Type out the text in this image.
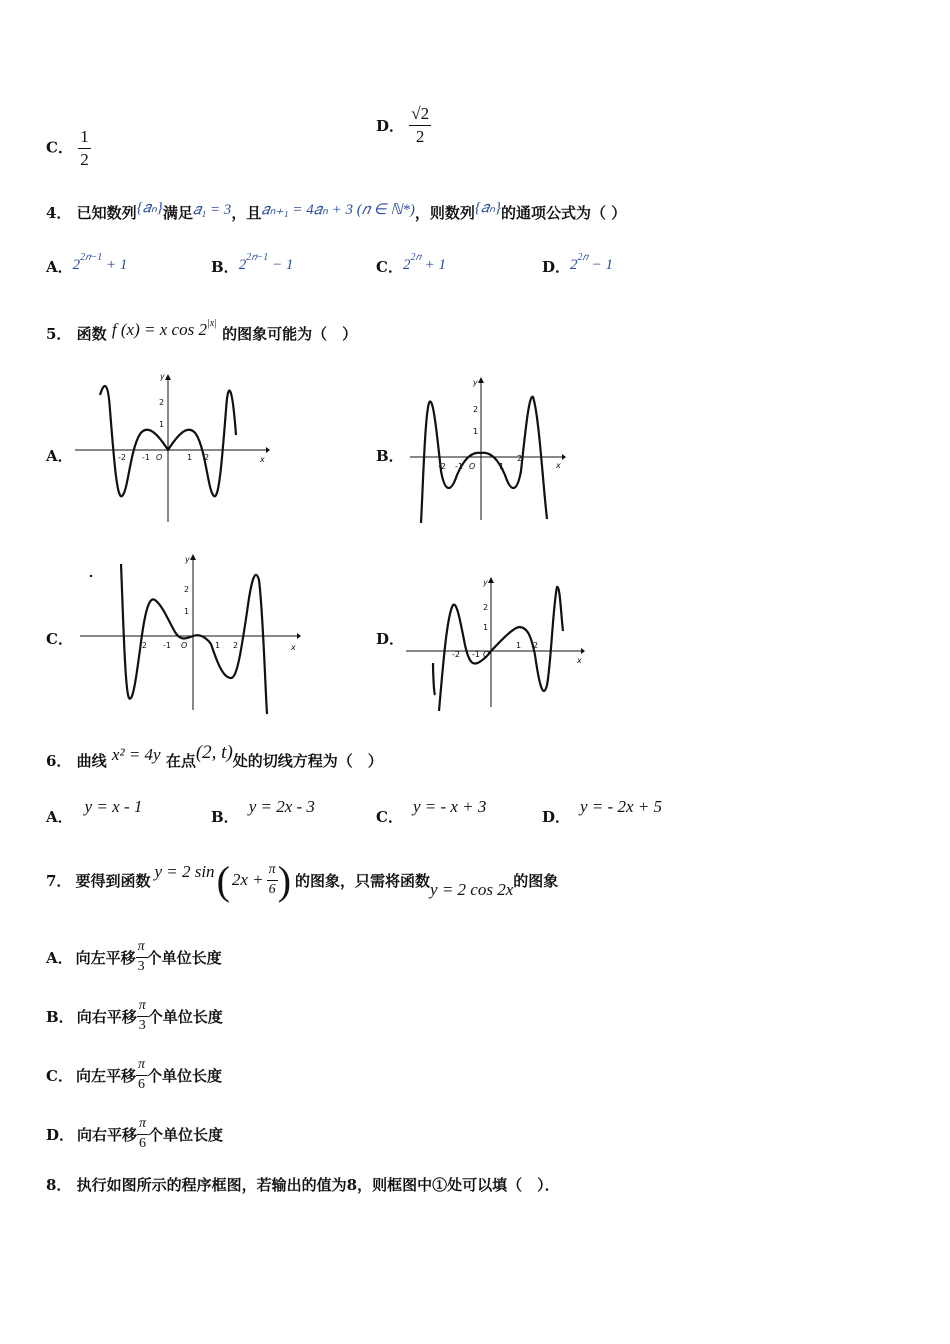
C． $\frac{1}{2}$
D． $\frac{√2}{2}$
4． 已知数列{𝑎ₙ}满足𝑎₁ = 3，且𝑎ₙ₊₁ = 4𝑎ₙ + 3 (𝑛 ∈ ℕ*)，则数列{𝑎ₙ}的通项公式为（ ）
A．$2^{2𝑛-1} + 1$	B．$2^{2𝑛-1} - 1$	C．$2^{2𝑛} + 1$	D．$2^{2𝑛} - 1$
5． 函数 f (x) = x $\cos 2^{|x|}$ 的图象可能为（　）
A．	B．
C．	D．
-2 -1 O	1 2	x
y
2
1
-2 -1 O	1
2
x
y
2
1
-2 -1 O	1 2	x
y
2
1
-2 -1 O
1 2
x
y
2
1
6． 曲线 x² = 4y 在点(2, t)处的切线方程为（　）
A．y = x - 1
B．y = 2x - 3
C．y = - x + 3
D．y = - 2x + 5
7． 要得到函数 y = 2 sin ( $2x + \frac{\pi}{6}$ ) 的图象，只需将函数 y = 2 cos 2x 的图象
A． 向左平移 $\frac{\pi}{3}$ 个单位长度
B． 向右平移 $\frac{\pi}{3}$ 个单位长度
C． 向左平移 $\frac{\pi}{6}$ 个单位长度
D． 向右平移 $\frac{\pi}{6}$ 个单位长度
8． 执行如图所示的程序框图，若输出的值为8，则框图中①处可以填（　）．
